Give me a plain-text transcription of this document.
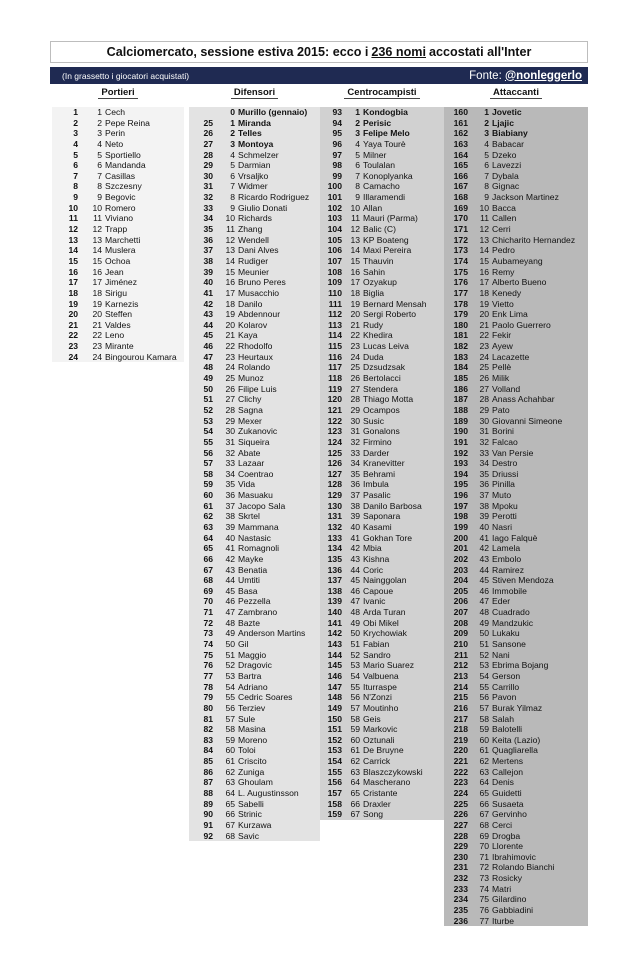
Calciomercato, sessione estiva 2015: ecco i 236 nomi accostati all'Inter
(In grassetto i giocatori acquistati)	Fonte: @nonleggerlo
Portieri	Difensori	Centrocampisti	Attaccanti
1	1 Cech
2	2 Pepe Reina
3	3 Perin
4	4 Neto
5	5 Sportiello
6	6 Mandanda
7	7 Casillas
8	8 Szczesny
9	9 Begovic
10	10 Romero
11	11 Viviano
12	12 Trapp
13	13 Marchetti
14	14 Muslera
15	15 Ochoa
16	16 Jean
17	17 Jiménez
18	18 Sirigu
19	19 Karnezis
20	20 Steffen
21	21 Valdes
22	22 Leno
23	23 Mirante
24	24 Bingourou Kamara
0 Murillo (gennaio)
25	1 Miranda
26	2 Telles
27	3 Montoya
28	4 Schmelzer
29	5 Darmian
30	6 Vrsaljko
31	7 Widmer
32	8 Ricardo Rodriguez
33	9 Giulio Donati
34	10 Richards
35	11 Zhang
36	12 Wendell
37	13 Dani Alves
38	14 Rudiger
39	15 Meunier
40	16 Bruno Peres
41	17 Musacchio
42	18 Danilo
43	19 Abdennour
44	20 Kolarov
45	21 Kaya
46	22 Rhodolfo
47	23 Heurtaux
48	24 Rolando
49	25 Munoz
50	26 Filipe Luis
51	27 Clichy
52	28 Sagna
53	29 Mexer
54	30 Zukanovic
55	31 Siqueira
56	32 Abate
57	33 Lazaar
58	34 Coentrao
59	35 Vida
60	36 Masuaku
61	37 Jacopo Sala
62	38 Skrtel
63	39 Mammana
64	40 Nastasic
65	41 Romagnoli
66	42 Mayke
67	43 Benatia
68	44 Umtiti
69	45 Basa
70	46 Pezzella
71	47 Zambrano
72	48 Bazte
73	49 Anderson Martins
74	50 Gil
75	51 Maggio
76	52 Dragovic
77	53 Bartra
78	54 Adriano
79	55 Cedric Soares
80	56 Terziev
81	57 Sule
82	58 Masina
83	59 Moreno
84	60 Toloi
85	61 Criscito
86	62 Zuniga
87	63 Ghoulam
88	64 L. Augustinsson
89	65 Sabelli
90	66 Strinic
91	67 Kurzawa
92	68 Savic
93	1 Kondogbia
94	2 Perisic
95	3 Felipe Melo
96	4 Yaya Tourè
97	5 Milner
98	6 Toulalan
99	7 Konoplyanka
100	8 Camacho
101	9 Illaramendi
102 10 Allan
103	11 Mauri (Parma)
104 12 Balic (C)
105 13 KP Boateng
106 14 Maxi Pereira
107 15 Thauvin
108 16 Sahin
109 17 Ozyakup
110 18 Biglia
111 19 Bernard Mensah
112 20 Sergi Roberto
113 21 Rudy
114 22 Khedira
115 23 Lucas Leiva
116 24 Duda
117 25 Dzsudzsak
118 26 Bertolacci
119 27 Stendera
120 28 Thiago Motta
121 29 Ocampos
122 30 Susic
123 31 Gonalons
124 32 Firmino
125 33 Darder
126 34 Kranevitter
127 35 Behrami
128 36 Imbula
129 37 Pasalic
130 38 Danilo Barbosa
131 39 Saponara
132 40 Kasami
133 41 Gokhan Tore
134 42 Mbia
135 43 Kishna
136 44 Coric
137 45 Nainggolan
138 46 Capoue
139 47 Ivanic
140 48 Arda Turan
141 49 Obi Mikel
142 50 Krychowiak
143 51 Fabian
144 52 Sandro
145 53 Mario Suarez
146 54 Valbuena
147 55 Iturraspe
148 56 N'Zonzi
149 57 Moutinho
150 58 Geis
151 59 Markovic
152 60 Oztunali
153 61 De Bruyne
154 62 Carrick
155 63 Blaszczykowski
156 64 Mascherano
157 65 Cristante
158 66 Draxler
159 67 Song
160	1 Jovetic
161	2 Ljajic
162	3 Biabiany
163	4 Babacar
164	5 Dzeko
165	6 Lavezzi
166	7 Dybala
167	8 Gignac
168	9 Jackson Martinez
169	10 Bacca
170	11 Callen
171	12 Cerri
172	13 Chicharito Hernandez
173	14 Pedro
174	15 Aubameyang
175	16 Remy
176	17 Alberto Bueno
177	18 Kenedy
178	19 Vietto
179	20 Enk Lima
180	21 Paolo Guerrero
181	22 Fekir
182	23 Ayew
183	24 Lacazette
184	25 Pellè
185	26 Milik
186	27 Volland
187	28 Anass Achahbar
188	29 Pato
189	30 Giovanni Simeone
190	31 Borini
191	32 Falcao
192	33 Van Persie
193	34 Destro
194	35 Driussi
195	36 Pinilla
196	37 Muto
197	38 Mpoku
198	39 Perotti
199	40 Nasri
200	41 Iago Falquè
201	42 Lamela
202	43 Embolo
203	44 Ramirez
204	45 Stiven Mendoza
205	46 Immobile
206	47 Eder
207	48 Cuadrado
208	49 Mandzukic
209	50 Lukaku
210	51 Sansone
211	52 Nani
212	53 Ebrima Bojang
213	54 Gerson
214	55 Carrillo
215	56 Pavon
216	57 Burak Yilmaz
217	58 Salah
218	59 Balotelli
219	60 Keita (Lazio)
220	61 Quagliarella
221	62 Mertens
222	63 Callejon
223	64 Denis
224	65 Guidetti
225	66 Susaeta
226	67 Gervinho
227	68 Cerci
228	69 Drogba
229	70 Llorente
230	71 Ibrahimovic
231	72 Rolando Bianchi
232	73 Rosicky
233	74 Matri
234	75 Gilardino
235	76 Gabbiadini
236	77 Iturbe
